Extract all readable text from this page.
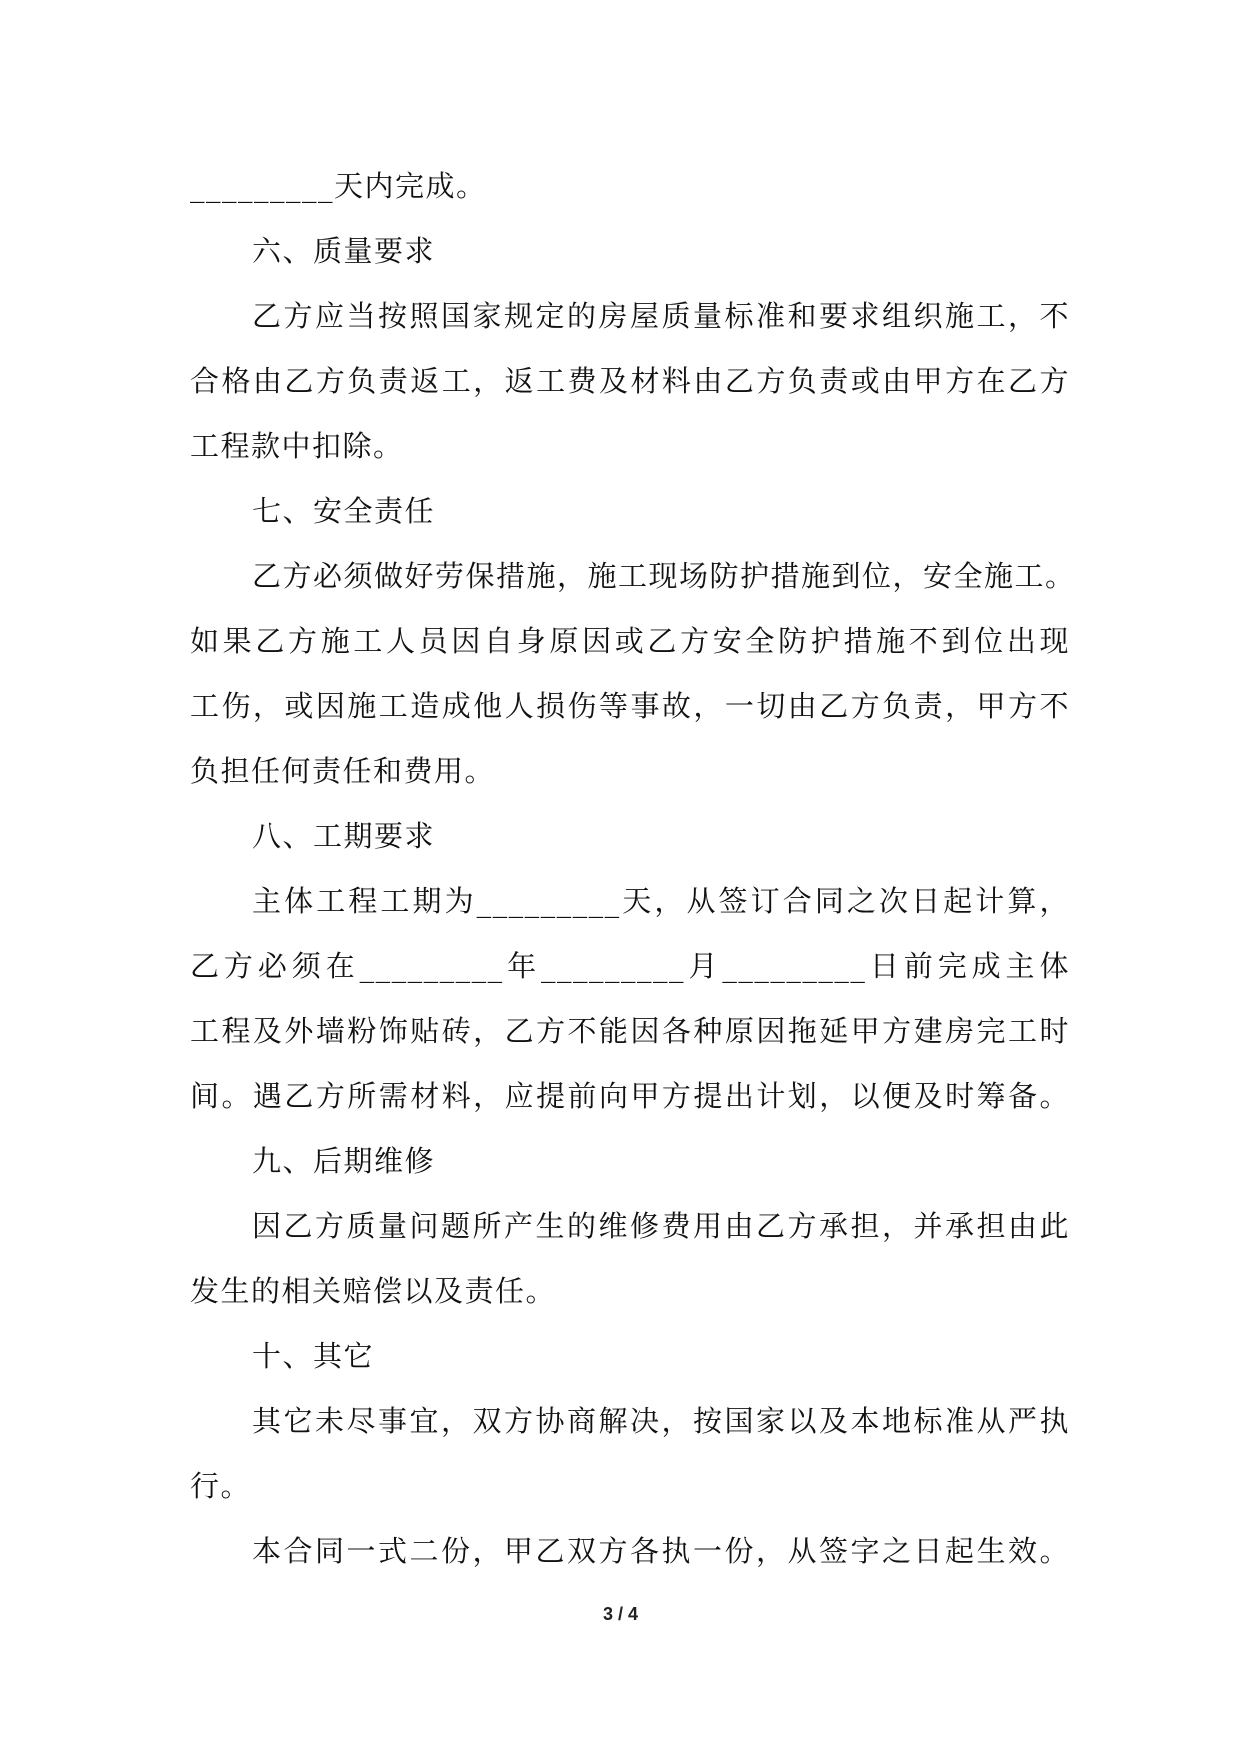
_________天内完成。
六、质量要求
乙方应当按照国家规定的房屋质量标准和要求组织施工，不
合格由乙方负责返工，返工费及材料由乙方负责或由甲方在乙方
工程款中扣除。
七、安全责任
乙方必须做好劳保措施，施工现场防护措施到位，安全施工。
如果乙方施工人员因自身原因或乙方安全防护措施不到位出现
工伤，或因施工造成他人损伤等事故，一切由乙方负责，甲方不
负担任何责任和费用。
八、工期要求
主体工程工期为_________天，从签订合同之次日起计算，
乙方必须在_________年_________月_________日前完成主体
工程及外墙粉饰贴砖，乙方不能因各种原因拖延甲方建房完工时
间。遇乙方所需材料，应提前向甲方提出计划，以便及时筹备。
九、后期维修
因乙方质量问题所产生的维修费用由乙方承担，并承担由此
发生的相关赔偿以及责任。
十、其它
其它未尽事宜，双方协商解决，按国家以及本地标准从严执
行。
本合同一式二份，甲乙双方各执一份，从签字之日起生效。
3 / 4
